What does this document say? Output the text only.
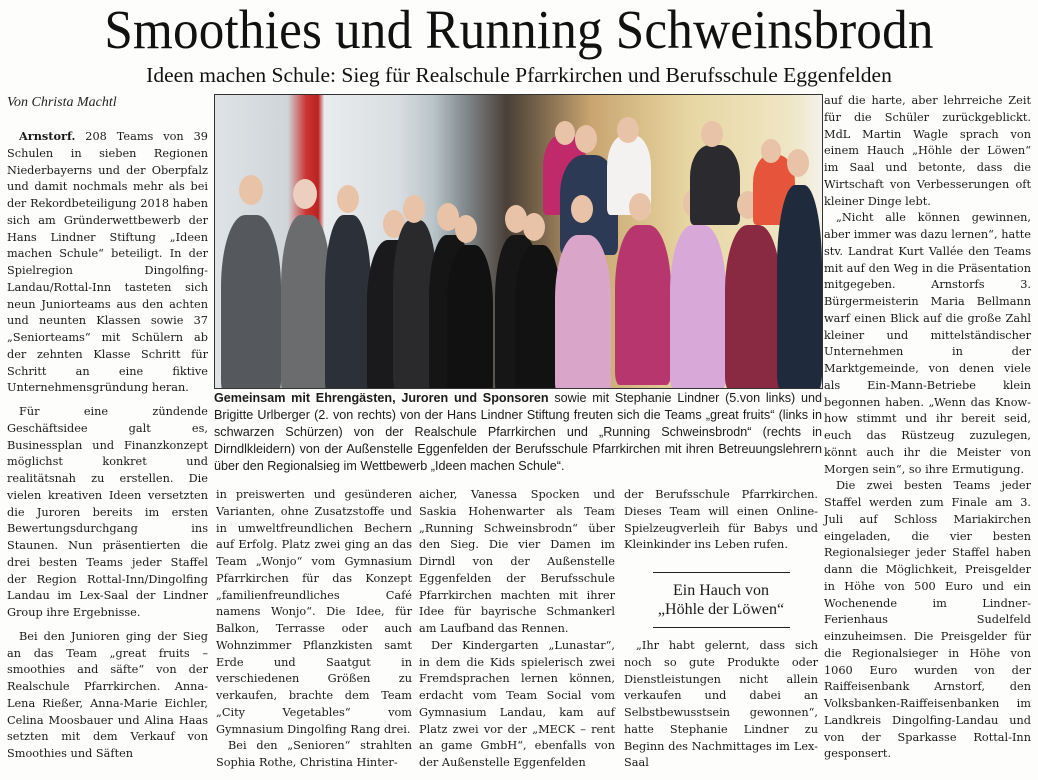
Smoothies und Running Schweinsbrodn
Ideen machen Schule: Sieg für Realschule Pfarrkirchen und Berufsschule Eggenfelden
Von Christa Machtl

Arnstorf. 208 Teams von 39 Schulen in sieben Regionen Niederbayerns und der Oberpfalz und damit nochmals mehr als bei der Rekordbeteiligung 2018 haben sich am Gründerwettbewerb der Hans Lindner Stiftung „Ideen machen Schule“ beteiligt. In der Spielregion Dingolfing-Landau/Rottal-Inn tasteten sich neun Juniorteams aus den achten und neunten Klassen sowie 37 „Seniorteams“ mit Schülern ab der zehnten Klasse Schritt für Schritt an eine fiktive Unternehmensgründung heran.

Für eine zündende Geschäftsidee galt es, Businessplan und Finanzkonzept möglichst konkret und realitätsnah zu erstellen. Die vielen kreativen Ideen versetzten die Juroren bereits im ersten Bewertungsdurchgang ins Staunen. Nun präsentierten die drei besten Teams jeder Staffel der Region Rottal-Inn/Dingolfing Landau im Lex-Saal der Lindner Group ihre Ergebnisse.

Bei den Junioren ging der Sieg an das Team „great fruits – smoothies and säfte“ von der Realschule Pfarrkirchen. Anna-Lena Rießer, Anna-Marie Eichler, Celina Moosbauer und Alina Haas setzten mit dem Verkauf von Smoothies und Säften

Gemeinsam mit Ehrengästen, Juroren und Sponsoren sowie mit Stephanie Lindner (5.von links) und Brigitte Urlberger (2. von rechts) von der Hans Lindner Stiftung freuten sich die Teams „great fruits“ (links in schwarzen Schürzen) von der Realschule Pfarrkirchen und „Running Schweinsbrodn“ (rechts in Dirndlkleidern) von der Außenstelle Eggenfelden der Berufsschule Pfarrkirchen mit ihren Betreuungslehrern über den Regionalsieg im Wettbewerb „Ideen machen Schule“.

in preiswerten und gesünderen Varianten, ohne Zusatzstoffe und in umweltfreundlichen Bechern auf Erfolg. Platz zwei ging an das Team „Wonjo“ vom Gymnasium Pfarrkirchen für das Konzept „familienfreundliches Café namens Wonjo“. Die Idee, für Balkon, Terrasse oder auch Wohnzimmer Pflanzkisten samt Erde und Saatgut in verschiedenen Größen zu verkaufen, brachte dem Team „City Vegetables“ vom Gymnasium Dingolfing Rang drei.

Bei den „Senioren“ strahlten Sophia Rothe, Christina Hinter-

aicher, Vanessa Spocken und Saskia Hohenwarter als Team „Running Schweinsbrodn“ über den Sieg. Die vier Damen im Dirndl von der Außenstelle Eggenfelden der Berufsschule Pfarrkirchen machten mit ihrer Idee für bayrische Schmankerl am Laufband das Rennen.

Der Kindergarten „Lunastar“, in dem die Kids spielerisch zwei Fremdsprachen lernen können, erdacht vom Team Social vom Gymnasium Landau, kam auf Platz zwei vor der „MECK – rent an game GmbH“, ebenfalls von der Außenstelle Eggenfelden

der Berufsschule Pfarrkirchen. Dieses Team will einen Online-Spielzeugverleih für Babys und Kleinkinder ins Leben rufen.

Ein Hauch von
„Höhle der Löwen“

„Ihr habt gelernt, dass sich noch so gute Produkte oder Dienstleistungen nicht allein verkaufen und dabei an Selbstbewusstsein gewonnen“, hatte Stephanie Lindner zu Beginn des Nachmittages im Lex-Saal

auf die harte, aber lehrreiche Zeit für die Schüler zurückgeblickt. MdL Martin Wagle sprach von einem Hauch „Höhle der Löwen“ im Saal und betonte, dass die Wirtschaft von Verbesserungen oft kleiner Dinge lebt.

„Nicht alle können gewinnen, aber immer was dazu lernen“, hatte stv. Landrat Kurt Vallée den Teams mit auf den Weg in die Präsentation mitgegeben. Arnstorfs 3. Bürgermeisterin Maria Bellmann warf einen Blick auf die große Zahl kleiner und mittelständischer Unternehmen in der Marktgemeinde, von denen viele als Ein-Mann-Betriebe klein begonnen haben. „Wenn das Know-how stimmt und ihr bereit seid, euch das Rüstzeug zuzulegen, könnt auch ihr die Meister von Morgen sein“, so ihre Ermutigung.

Die zwei besten Teams jeder Staffel werden zum Finale am 3. Juli auf Schloss Mariakirchen eingeladen, die vier besten Regionalsieger jeder Staffel haben dann die Möglichkeit, Preisgelder in Höhe von 500 Euro und ein Wochenende im Lindner-Ferienhaus Sudelfeld einzuheimsen. Die Preisgelder für die Regionalsieger in Höhe von 1060 Euro wurden von der Raiffeisenbank Arnstorf, den Volksbanken-Raiffeisenbanken im Landkreis Dingolfing-Landau und von der Sparkasse Rottal-Inn gesponsert.
